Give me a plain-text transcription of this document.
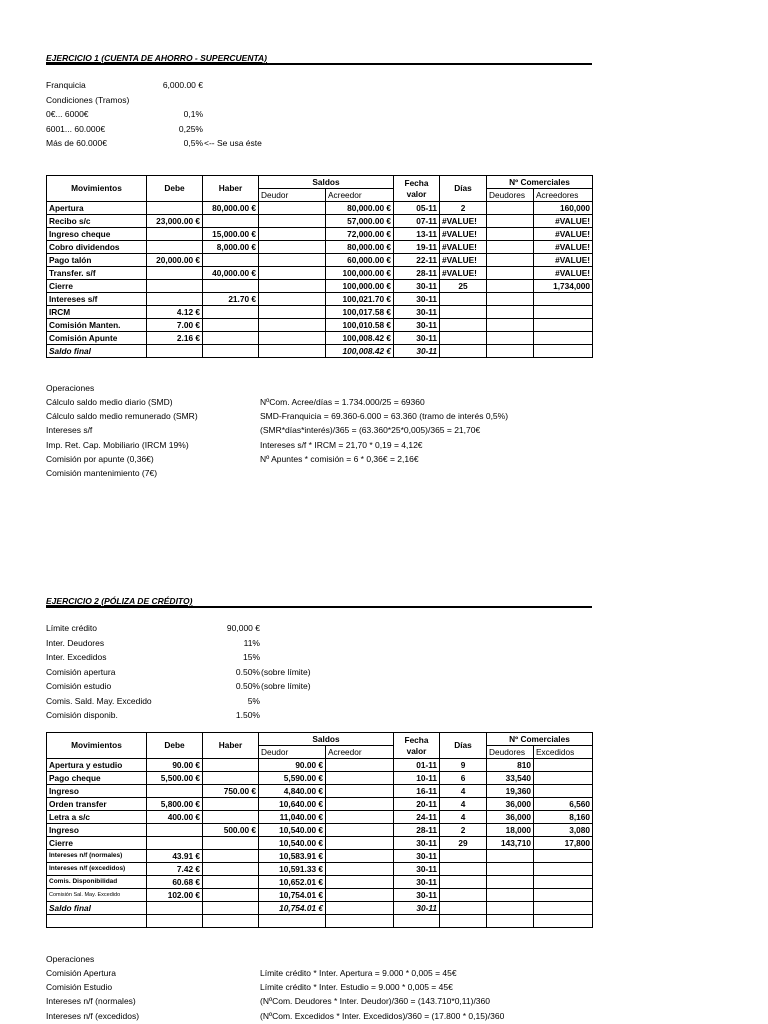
EJERCICIO 1 (CUENTA DE AHORRO - SUPERCUENTA)
Franquicia	6,000.00 €
Condiciones (Tramos)
0€... 6000€	0,1%
6001... 60.000€	0,25%
Más de 60.000€	0,5% <-- Se usa éste
Movimientos	Debe	Haber	Saldos		Fecha valor	Días	Nº Comerciales	
			Deudor	Acreedor			Deudores	Acreedores
Apertura		80,000.00 €		80,000.00 €	05-11	2		160,000
Recibo s/c	23,000.00 €			57,000.00 €	07-11	#VALUE!		#VALUE!
Ingreso cheque		15,000.00 €		72,000.00 €	13-11	#VALUE!		#VALUE!
Cobro dividendos		8,000.00 €		80,000.00 €	19-11	#VALUE!		#VALUE!
Pago talón	20,000.00 €			60,000.00 €	22-11	#VALUE!		#VALUE!
Transfer. s/f		40,000.00 €		100,000.00 €	28-11	#VALUE!		#VALUE!
Cierre				100,000.00 €	30-11	25		1,734,000
Intereses s/f		21.70 €		100,021.70 €	30-11			
IRCM	4.12 €			100,017.58 €	30-11			
Comisión Manten.	7.00 €			100,010.58 €	30-11			
Comisión Apunte	2.16 €			100,008.42 €	30-11			
Saldo final				100,008.42 €	30-11			
Operaciones
Cálculo saldo medio diario (SMD)	NºCom. Acree/días = 1.734.000/25 = 69360
Cálculo saldo medio remunerado (SMR)	SMD-Franquicia = 69.360-6.000 = 63.360 (tramo de interés 0,5%)
Intereses s/f	(SMR*días*interés)/365 = (63.360*25*0,005)/365 = 21,70€
Imp. Ret. Cap. Mobiliario (IRCM 19%)	Intereses s/f * IRCM = 21,70 * 0,19 = 4,12€
Comisión por apunte (0,36€)	Nº Apuntes * comisión = 6 * 0,36€ = 2,16€
Comisión mantenimiento (7€)
EJERCICIO 2 (PÓLIZA DE CRÉDITO)
Límite crédito	90,000 €
Inter. Deudores	11%
Inter. Excedidos	15%
Comisión apertura	0.50% (sobre límite)
Comisión estudio	0.50% (sobre límite)
Comis. Sald. May. Excedido	5%
Comisión disponib.	1.50%
Movimientos	Debe	Haber	Saldos		Fecha valor	Días	Nº Comerciales	
			Deudor	Acreedor			Deudores	Excedidos
Apertura y estudio	90.00 €		90.00 €		01-11	9	810	
Pago cheque	5,500.00 €		5,590.00 €		10-11	6	33,540	
Ingreso		750.00 €	4,840.00 €		16-11	4	19,360	
Orden transfer	5,800.00 €		10,640.00 €		20-11	4	36,000	6,560
Letra a s/c	400.00 €		11,040.00 €		24-11	4	36,000	8,160
Ingreso		500.00 €	10,540.00 €		28-11	2	18,000	3,080
Cierre			10,540.00 €		30-11	29	143,710	17,800
Intereses n/f (normales)	43.91 €		10,583.91 €		30-11			
Intereses n/f (excedidos)	7.42 €		10,591.33 €		30-11			
Comis. Disponibilidad	60.68 €		10,652.01 €		30-11			
Comisión Sal. May. Excedido	102.00 €		10,754.01 €		30-11			
Saldo final			10,754.01 €		30-11			

Operaciones
Comisión Apertura	Límite crédito * Inter. Apertura = 9.000 * 0,005 = 45€
Comisión Estudio	Límite crédito * Inter. Estudio = 9.000 * 0,005 = 45€
Intereses n/f (normales)	(NºCom. Deudores * Inter. Deudor)/360 = (143.710*0,11)/360
Intereses n/f (excedidos)	(NºCom. Excedidos * Inter. Excedidos)/360 = (17.800 * 0,15)/360
